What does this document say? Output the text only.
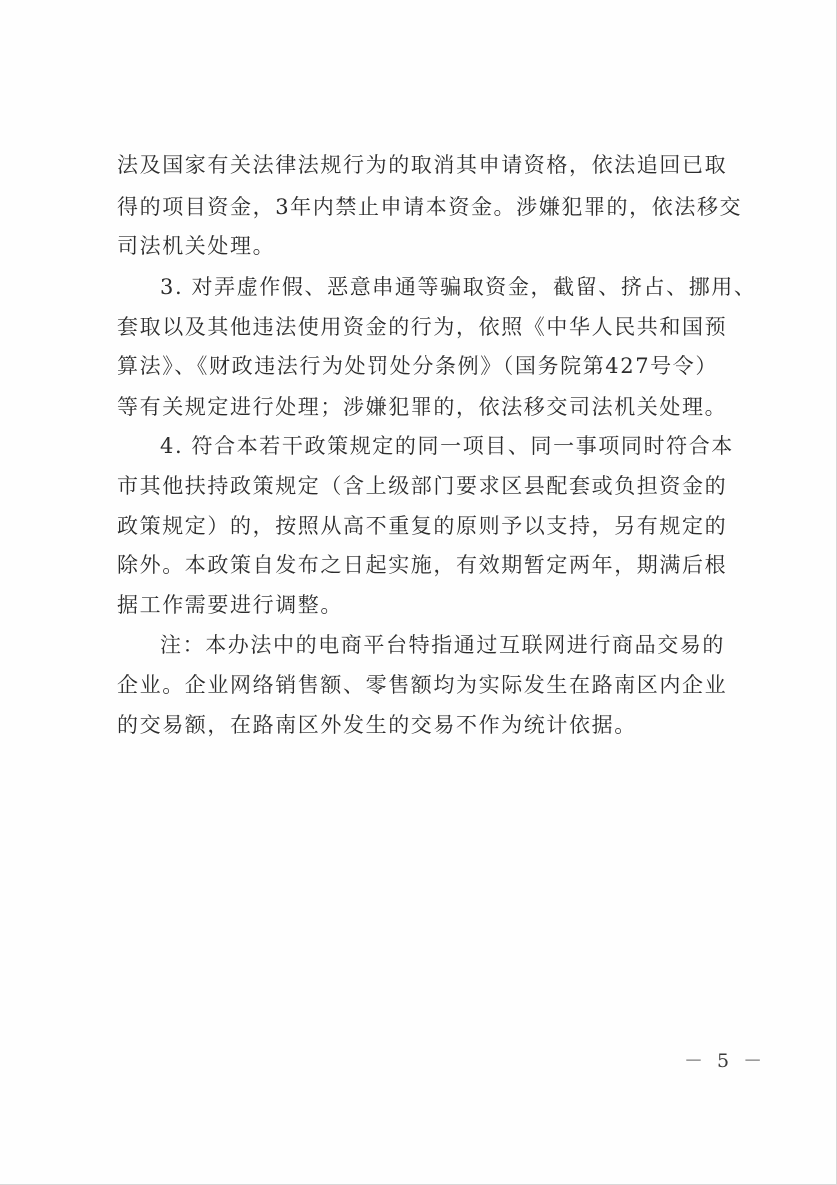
法及国家有关法律法规行为的取消其申请资格，依法追回已取
得的项目资金，3年内禁止申请本资金。涉嫌犯罪的，依法移交
司法机关处理。
3. 对弄虚作假、恶意串通等骗取资金，截留、挤占、挪用、
套取以及其他违法使用资金的行为，依照《中华人民共和国预
算法》、《财政违法行为处罚处分条例》（国务院第427号令）
等有关规定进行处理；涉嫌犯罪的，依法移交司法机关处理。
4. 符合本若干政策规定的同一项目、同一事项同时符合本
市其他扶持政策规定（含上级部门要求区县配套或负担资金的
政策规定）的，按照从高不重复的原则予以支持，另有规定的
除外。本政策自发布之日起实施，有效期暂定两年，期满后根
据工作需要进行调整。
注：本办法中的电商平台特指通过互联网进行商品交易的
企业。企业网络销售额、零售额均为实际发生在路南区内企业
的交易额，在路南区外发生的交易不作为统计依据。
－ 5 －
